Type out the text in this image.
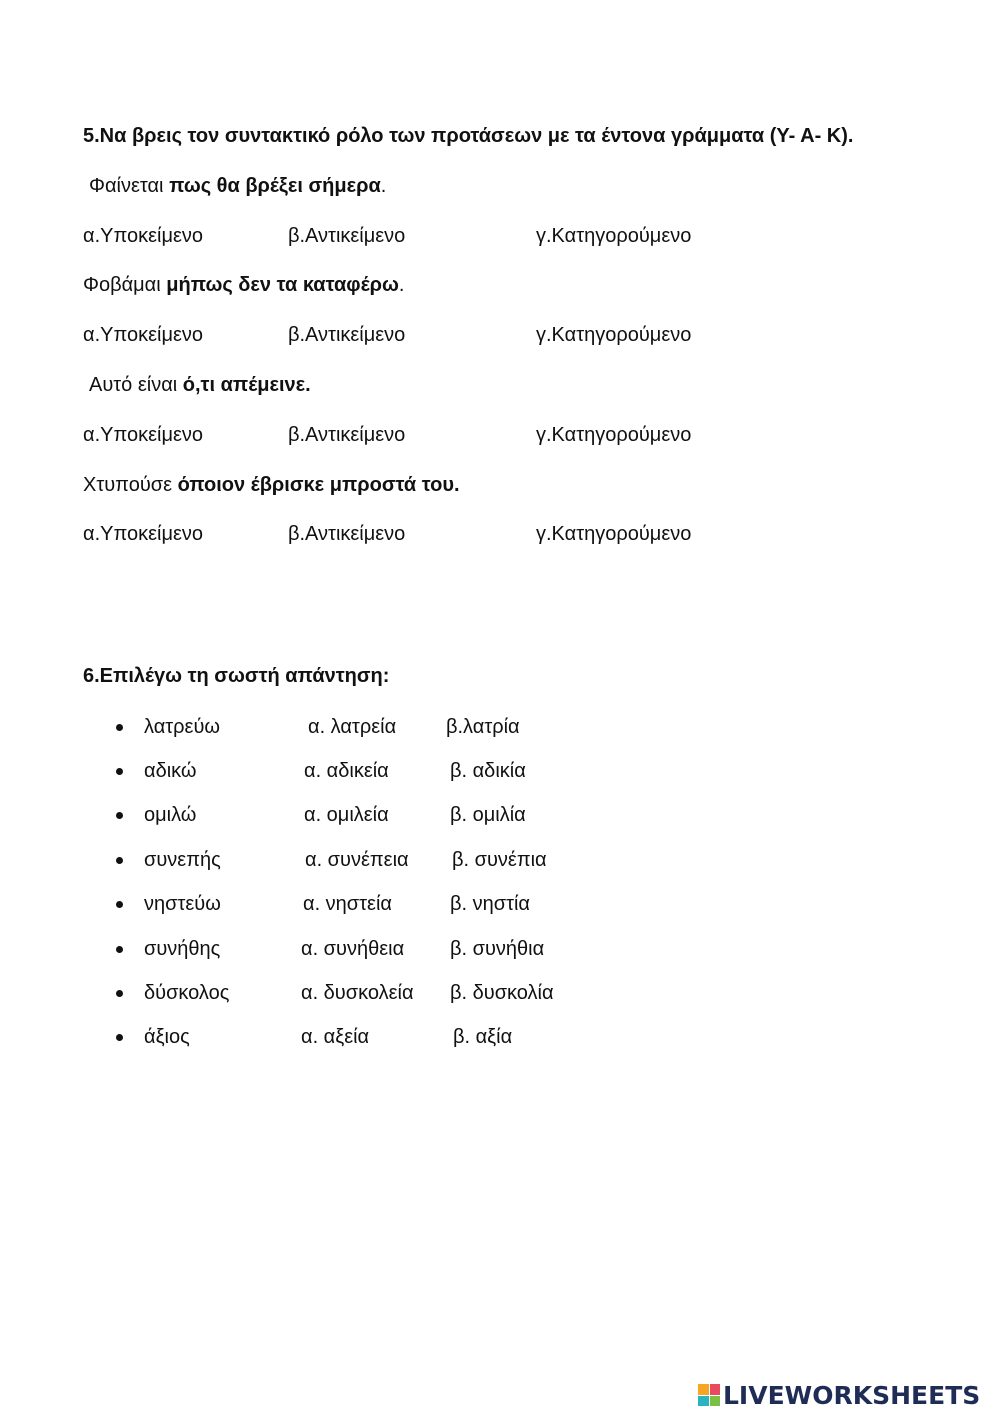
5.Να βρεις τον συντακτικό ρόλο των προτάσεων με τα έντονα γράμματα (Υ- Α- Κ).
Φαίνεται πως θα βρέξει σήμερα.
α.Υποκείμενο	β.Αντικείμενο	γ.Κατηγορούμενο
Φοβάμαι μήπως δεν τα καταφέρω.
α.Υποκείμενο	β.Αντικείμενο	γ.Κατηγορούμενο
Αυτό είναι ό,τι απέμεινε.
α.Υποκείμενο	β.Αντικείμενο	γ.Κατηγορούμενο
Χτυπούσε όποιον έβρισκε μπροστά του.
α.Υποκείμενο	β.Αντικείμενο	γ.Κατηγορούμενο
6.Επιλέγω τη σωστή απάντηση:
λατρεύω	α. λατρεία β.λατρία
αδικώ	α. αδικεία	β. αδικία
ομιλώ	α. ομιλεία	β. ομιλία
συνεπής	α. συνέπεια β. συνέπια
νηστεύω	α. νηστεία	β. νηστία
συνήθης	α. συνήθεια β. συνήθια
δύσκολος	α. δυσκολεία β. δυσκολία
άξιος	α. αξεία	β. αξία
LIVEWORKSHEETS
